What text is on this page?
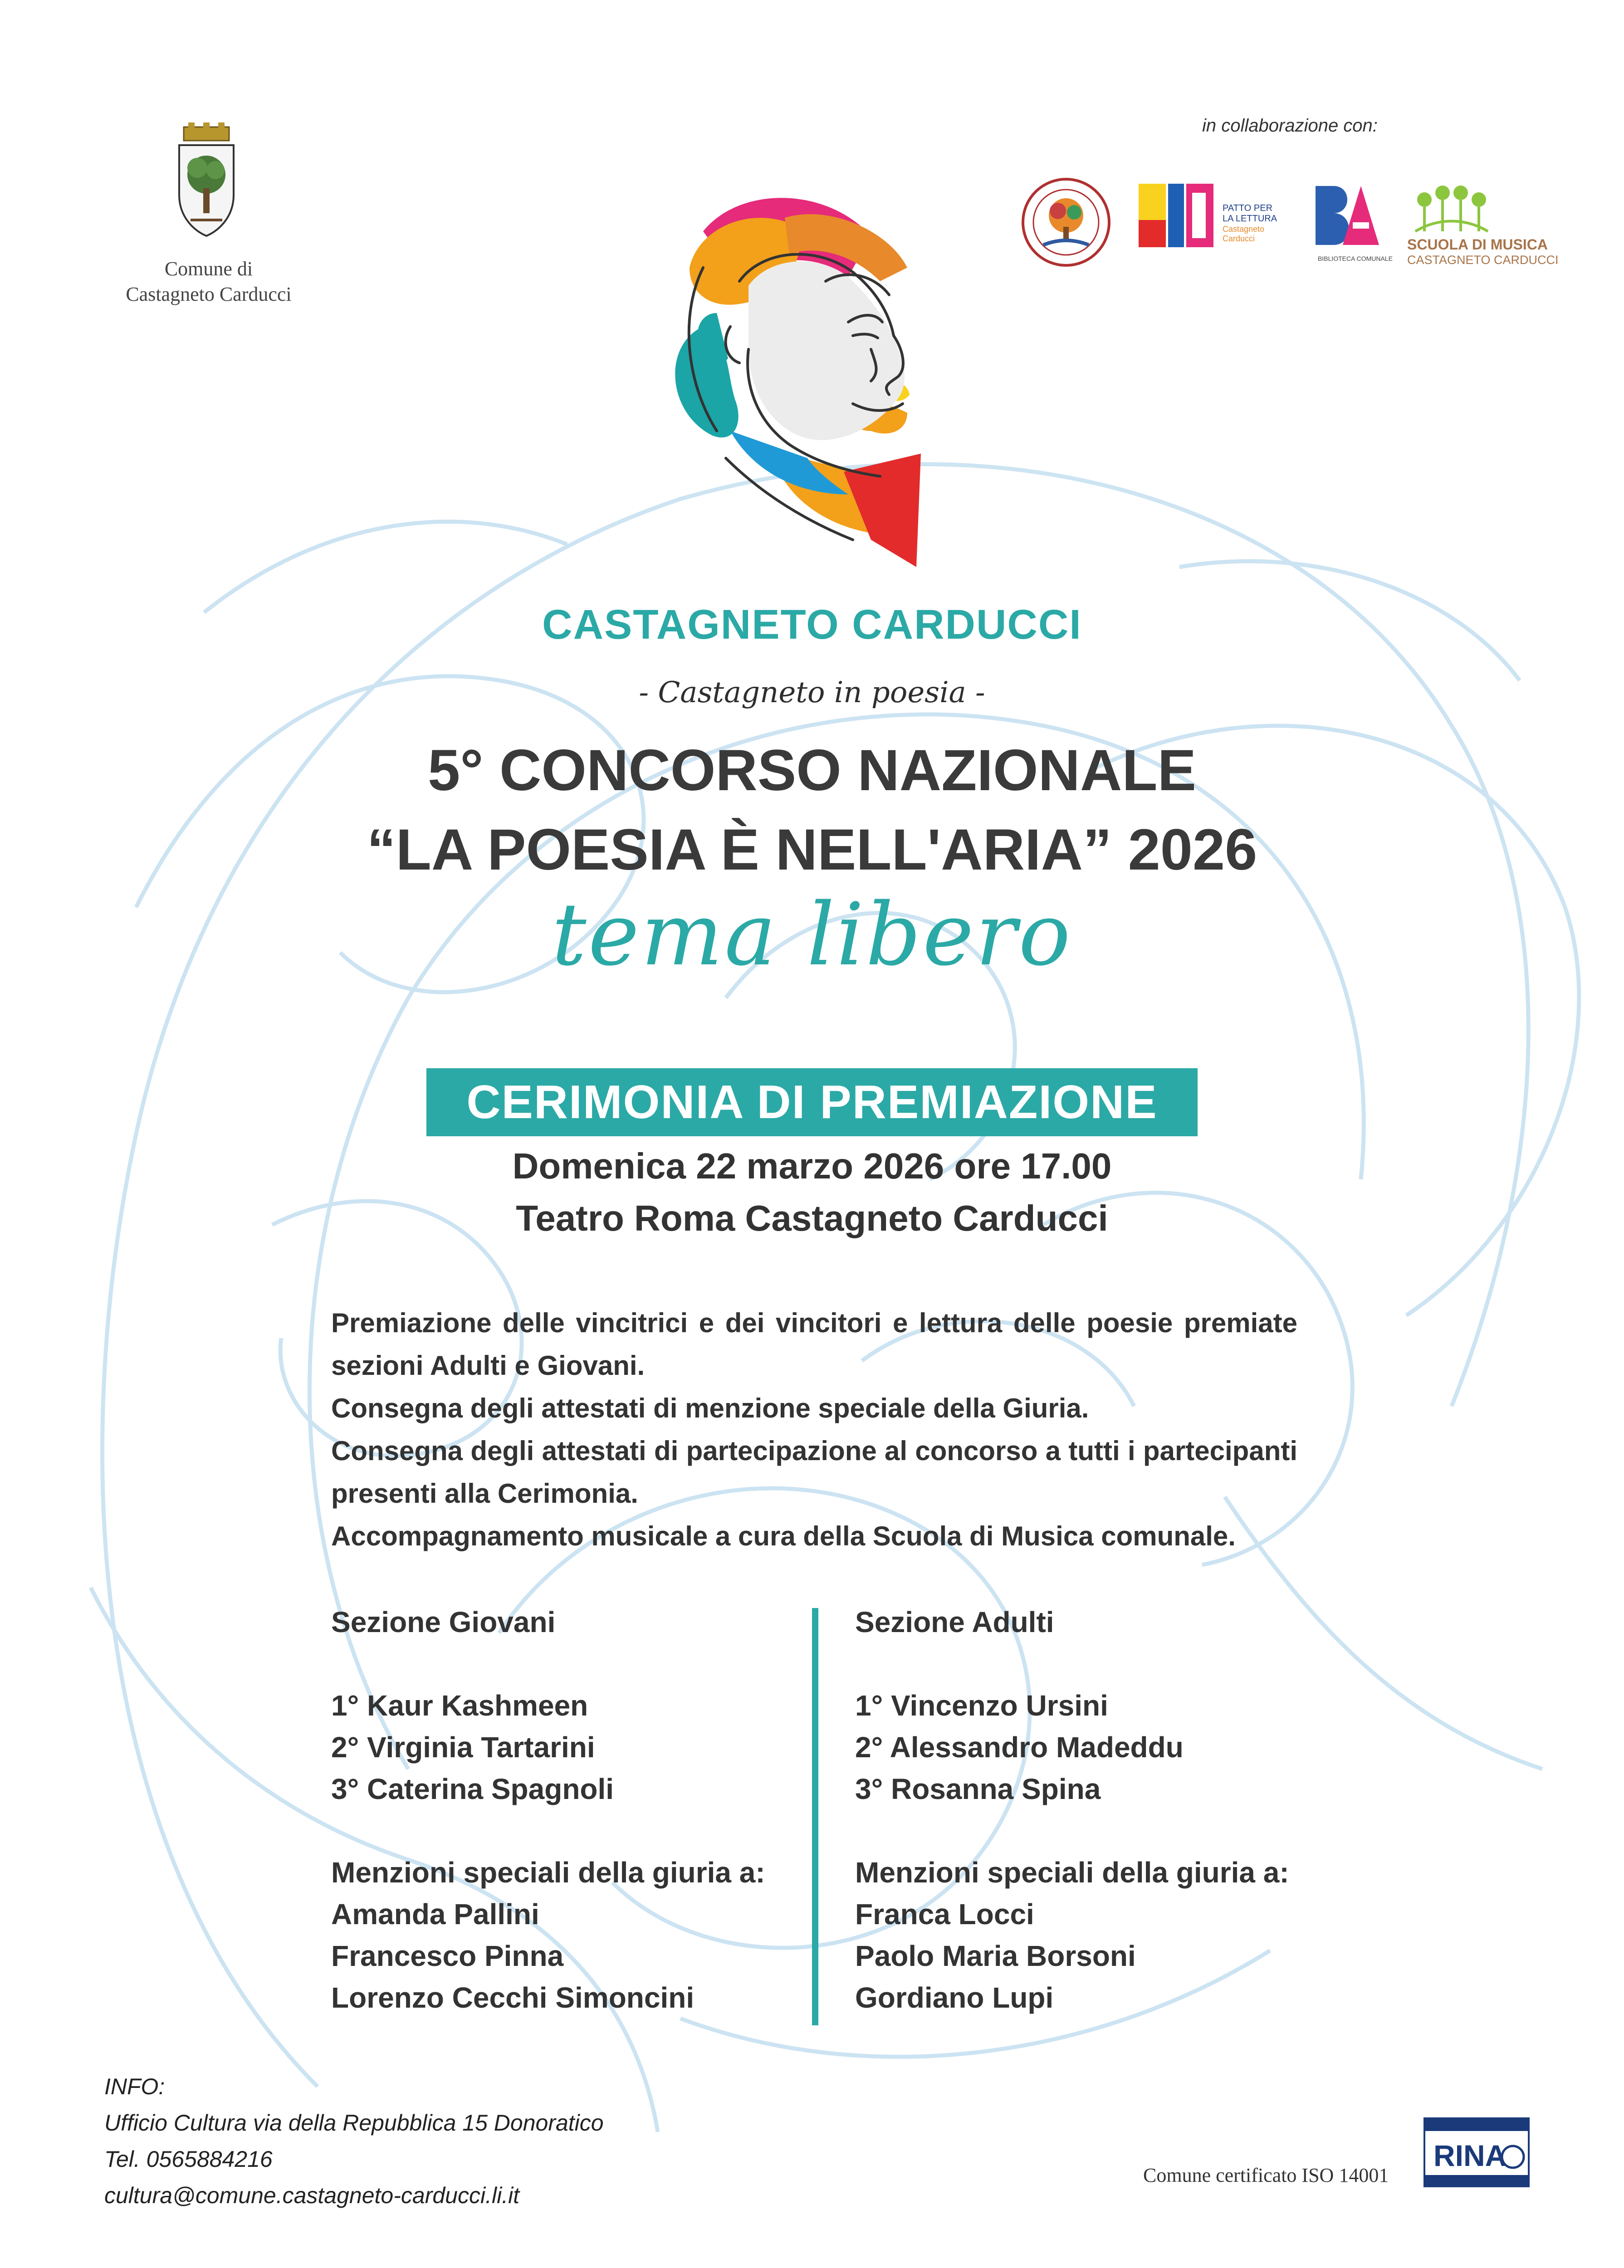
Comune di
Castagneto Carducci
in collaborazione con:
PATTO PER
LA LETTURA
Castagneto
Carducci
BIBLIOTECA COMUNALE
SCUOLA DI MUSICA
CASTAGNETO CARDUCCI
CASTAGNETO CARDUCCI
- Castagneto in poesia -
5° CONCORSO NAZIONALE
“LA POESIA È NELL'ARIA” 2026
tema libero
CERIMONIA DI PREMIAZIONE
Domenica 22 marzo 2026 ore 17.00
Teatro Roma Castagneto Carducci

Premiazione delle vincitrici e dei vincitori e lettura delle poesie premiate sezioni Adulti e Giovani.

Consegna degli attestati di menzione speciale della Giuria.

Consegna degli attestati di partecipazione al concorso a tutti i partecipanti presenti alla Cerimonia.

Accompagnamento musicale a cura della Scuola di Musica comunale.

Sezione Giovani
1° Kaur Kashmeen
2° Virginia Tartarini
3° Caterina Spagnoli
Menzioni speciali della giuria a:
Amanda Pallini
Francesco Pinna
Lorenzo Cecchi Simoncini
Sezione Adulti
1° Vincenzo Ursini
2° Alessandro Madeddu
3° Rosanna Spina
Menzioni speciali della giuria a:
Franca Locci
Paolo Maria Borsoni
Gordiano Lupi
INFO:
Ufficio Cultura via della Repubblica 15 Donoratico
Tel. 0565884216
cultura@comune.castagneto-carducci.li.it
Comune certificato ISO 14001
RINA
